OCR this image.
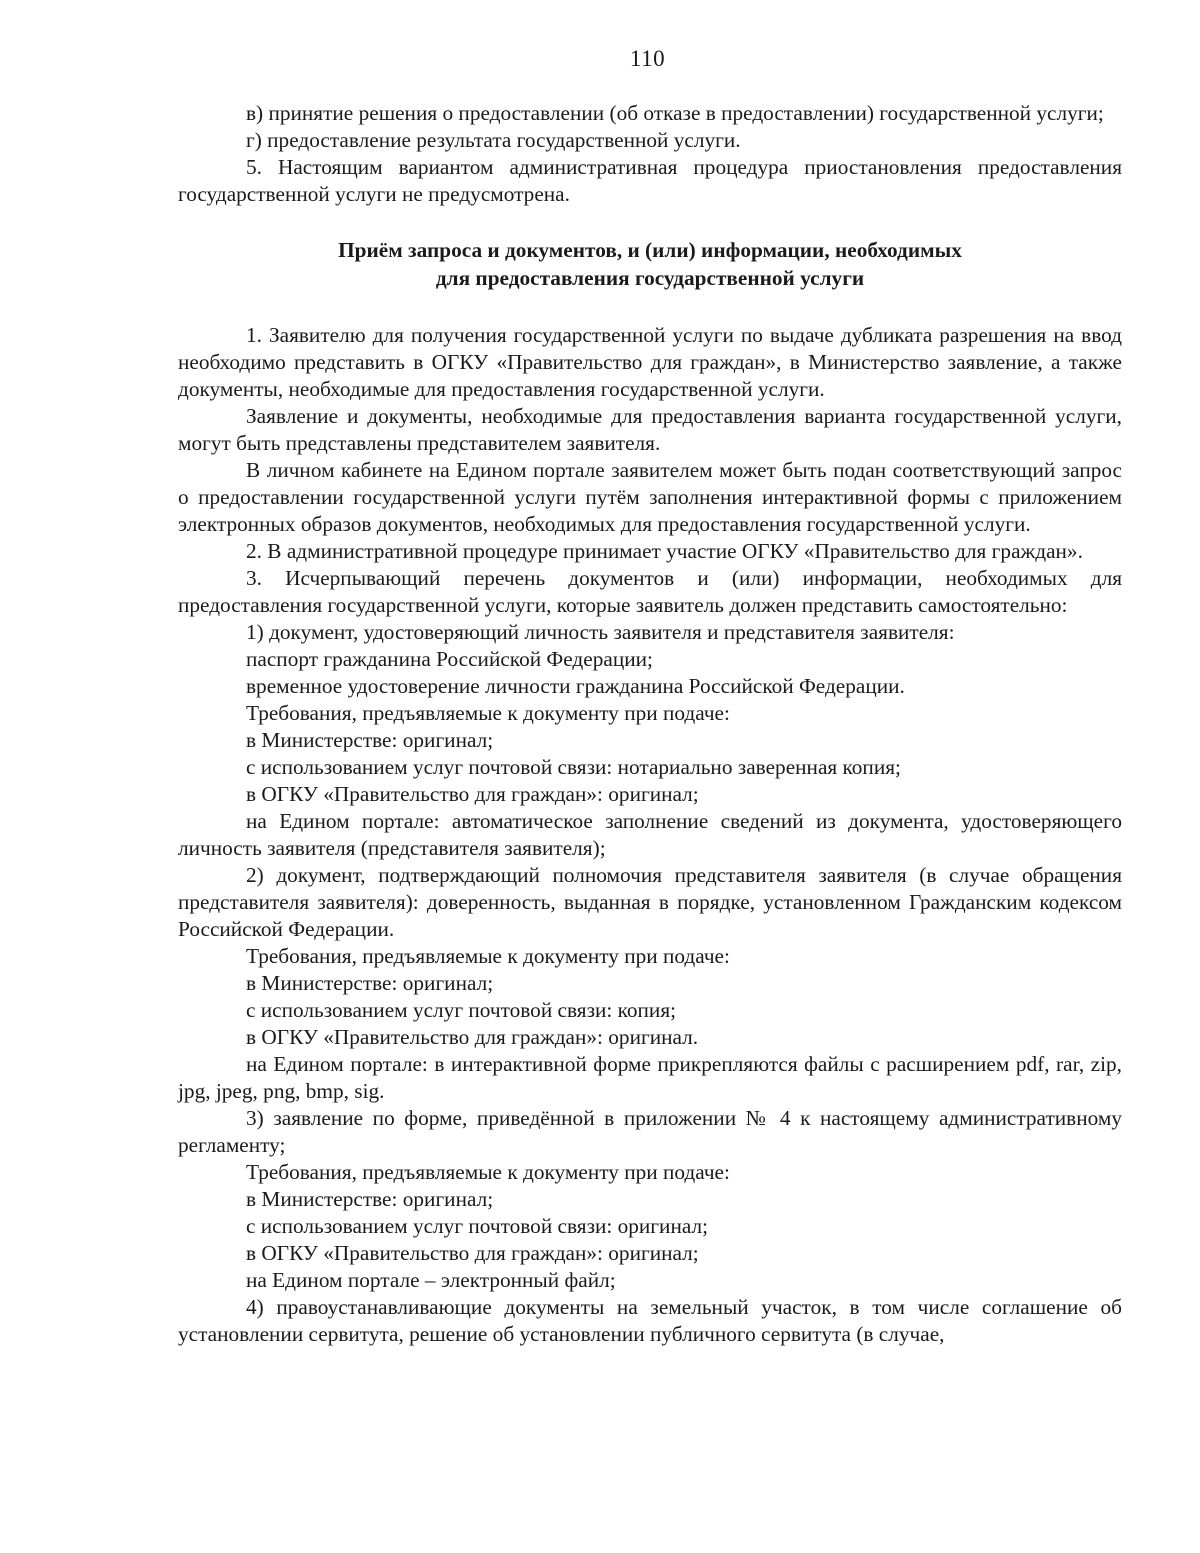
110

в) принятие решения о предоставлении (об отказе в предоставлении) государственной услуги;

г) предоставление результата государственной услуги.

5. Настоящим вариантом административная процедура приостановления предоставления государственной услуги не предусмотрена.

Приём запроса и документов, и (или) информации, необходимых
для предоставления государственной услуги

1. Заявителю для получения государственной услуги по выдаче дубликата разрешения на ввод необходимо представить в ОГКУ «Правительство для граждан», в Министерство заявление, а также документы, необходимые для предоставления государственной услуги.

Заявление и документы, необходимые для предоставления варианта государственной услуги, могут быть представлены представителем заявителя.

В личном кабинете на Едином портале заявителем может быть подан соответствующий запрос о предоставлении государственной услуги путём заполнения интерактивной формы с приложением электронных образов документов, необходимых для предоставления государственной услуги.

2. В административной процедуре принимает участие ОГКУ «Правительство для граждан».

3. Исчерпывающий перечень документов и (или) информации, необходимых для предоставления государственной услуги, которые заявитель должен представить самостоятельно:

1) документ, удостоверяющий личность заявителя и представителя заявителя:

паспорт гражданина Российской Федерации;

временное удостоверение личности гражданина Российской Федерации.

Требования, предъявляемые к документу при подаче:

в Министерстве: оригинал;

с использованием услуг почтовой связи: нотариально заверенная копия;

в ОГКУ «Правительство для граждан»: оригинал;

на Едином портале: автоматическое заполнение сведений из документа, удостоверяющего личность заявителя (представителя заявителя);

2) документ, подтверждающий полномочия представителя заявителя (в случае обращения представителя заявителя): доверенность, выданная в порядке, установленном Гражданским кодексом Российской Федерации.

Требования, предъявляемые к документу при подаче:

в Министерстве: оригинал;

с использованием услуг почтовой связи: копия;

в ОГКУ «Правительство для граждан»: оригинал.

на Едином портале: в интерактивной форме прикрепляются файлы с расширением pdf, rar, zip, jpg, jpeg, png, bmp, sig.

3) заявление по форме, приведённой в приложении № 4 к настоящему административному регламенту;

Требования, предъявляемые к документу при подаче:

в Министерстве: оригинал;

с использованием услуг почтовой связи: оригинал;

в ОГКУ «Правительство для граждан»: оригинал;

на Едином портале – электронный файл;

4) правоустанавливающие документы на земельный участок, в том числе соглашение об установлении сервитута, решение об установлении публичного сервитута (в случае,
